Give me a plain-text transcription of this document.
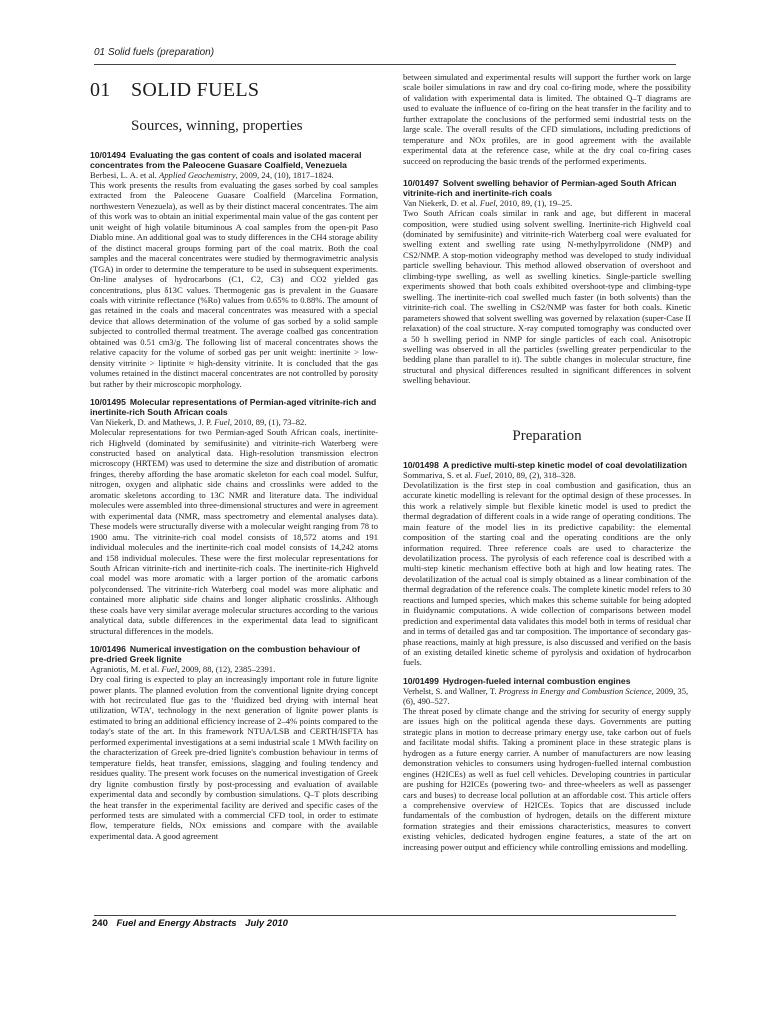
01 Solid fuels (preparation)
01 SOLID FUELS
Sources, winning, properties

10/01494 Evaluating the gas content of coals and isolated maceral concentrates from the Paleocene Guasare Coalfield, Venezuela

Berbesi, L. A. et al. Applied Geochemistry, 2009, 24, (10), 1817–1824.

This work presents the results from evaluating the gases sorbed by coal samples extracted from the Paleocene Guasare Coalfield (Marcelina Formation, northwestern Venezuela), as well as by their distinct maceral concentrates. The aim of this work was to obtain an initial experimental main value of the gas content per unit weight of high volatile bituminous A coal samples from the open-pit Paso Diablo mine. An additional goal was to study differences in the CH4 storage ability of the distinct maceral groups forming part of the coal matrix. Both the coal samples and the maceral concentrates were studied by thermogravimetric analysis (TGA) in order to determine the temperature to be used in subsequent experiments. On-line analyses of hydrocarbons (C1, C2, C3) and CO2 yielded gas concentrations, plus δ13C values. Thermogenic gas is prevalent in the Guasare coals with vitrinite reflectance (%Ro) values from 0.65% to 0.88%. The amount of gas retained in the coals and maceral concentrates was measured with a special device that allows determination of the volume of gas sorbed by a solid sample subjected to controlled thermal treatment. The average coalbed gas concentration obtained was 0.51 cm3/g. The following list of maceral concentrates shows the relative capacity for the volume of sorbed gas per unit weight: inertinite > low-density vitrinite > liptinite ≈ high-density vitrinite. It is concluded that the gas volumes retained in the distinct maceral concentrates are not controlled by porosity but rather by their microscopic morphology.

10/01495 Molecular representations of Permian-aged vitrinite-rich and inertinite-rich South African coals

Van Niekerk, D. and Mathews, J. P. Fuel, 2010, 89, (1), 73–82.

Molecular representations for two Permian-aged South African coals, inertinite-rich Highveld (dominated by semifusinite) and vitrinite-rich Waterberg were constructed based on analytical data. High-resolution transmission electron microscopy (HRTEM) was used to determine the size and distribution of aromatic fringes, thereby affording the base aromatic skeleton for each coal model. Sulfur, nitrogen, oxygen and aliphatic side chains and crosslinks were added to the aromatic skeletons according to 13C NMR and literature data. The individual molecules were assembled into three-dimensional structures and were in agreement with experimental data (NMR, mass spectrometry and elemental analyses data). These models were structurally diverse with a molecular weight ranging from 78 to 1900 amu. The vitrinite-rich coal model consists of 18,572 atoms and 191 individual molecules and the inertinite-rich coal model consists of 14,242 atoms and 158 individual molecules. These were the first molecular representations for South African vitrinite-rich and inertinite-rich coals. The inertinite-rich Highveld coal model was more aromatic with a larger portion of the aromatic carbons polycondensed. The vitrinite-rich Waterberg coal model was more aliphatic and contained more aliphatic side chains and longer aliphatic crosslinks. Although these coals have very similar average molecular structures according to the various analytical data, subtle differences in the experimental data lead to significant structural differences in the models.

10/01496 Numerical investigation on the combustion behaviour of pre-dried Greek lignite

Agraniotis, M. et al. Fuel, 2009, 88, (12), 2385–2391.

Dry coal firing is expected to play an increasingly important role in future lignite power plants. The planned evolution from the conventional lignite drying concept with hot recirculated flue gas to the ‘fluidized bed drying with internal heat utilization, WTA’, technology in the next generation of lignite power plants is estimated to bring an additional efficiency increase of 2–4% points compared to the today's state of the art. In this framework NTUA/LSB and CERTH/ISFTA has performed experimental investigations at a semi industrial scale 1 MWth facility on the characterization of Greek pre-dried lignite's combustion behaviour in terms of temperature fields, heat transfer, emissions, slagging and fouling tendency and residues quality. The present work focuses on the numerical investigation of Greek dry lignite combustion firstly by post-processing and evaluation of available experimental data and secondly by combustion simulations. Q–T plots describing the heat transfer in the experimental facility are derived and specific cases of the performed tests are simulated with a commercial CFD tool, in order to estimate flow, temperature fields, NOx emissions and compare with the available experimental data. A good agreement

between simulated and experimental results will support the further work on large scale boiler simulations in raw and dry coal co-firing mode, where the possibility of validation with experimental data is limited. The obtained Q–T diagrams are used to evaluate the influence of co-firing on the heat transfer in the facility and to further extrapolate the conclusions of the performed semi industrial tests on the large scale. The overall results of the CFD simulations, including predictions of temperature and NOx profiles, are in good agreement with the available experimental data at the reference case, while at the dry coal co-firing cases succeed on reproducing the basic trends of the performed experiments.

10/01497 Solvent swelling behavior of Permian-aged South African vitrinite-rich and inertinite-rich coals

Van Niekerk, D. et al. Fuel, 2010, 89, (1), 19–25.

Two South African coals similar in rank and age, but different in maceral composition, were studied using solvent swelling. Inertinite-rich Highveld coal (dominated by semifusinite) and vitrinite-rich Waterberg coal were evaluated for swelling extent and swelling rate using N-methylpyrrolidone (NMP) and CS2/NMP. A stop-motion videography method was developed to study individual particle swelling behaviour. This method allowed observation of overshoot and climbing-type swelling, as well as swelling kinetics. Single-particle swelling experiments showed that both coals exhibited overshoot-type and climbing-type swelling. The inertinite-rich coal swelled much faster (in both solvents) than the vitrinite-rich coal. The swelling in CS2/NMP was faster for both coals. Kinetic parameters showed that solvent swelling was governed by relaxation (super-Case II relaxation) of the coal structure. X-ray computed tomography was conducted over a 50 h swelling period in NMP for single particles of each coal. Anisotropic swelling was observed in all the particles (swelling greater perpendicular to the bedding plane than parallel to it). The subtle changes in molecular structure, fine structural and physical differences resulted in significant differences in solvent swelling behaviour.

Preparation

10/01498 A predictive multi-step kinetic model of coal devolatilization

Sommariva, S. et al. Fuel, 2010, 89, (2), 318–328.

Devolatilization is the first step in coal combustion and gasification, thus an accurate kinetic modelling is relevant for the optimal design of these processes. In this work a relatively simple but flexible kinetic model is used to predict the thermal degradation of different coals in a wide range of operating conditions. The main feature of the model lies in its predictive capability: the elemental composition of the starting coal and the operating conditions are the only information required. Three reference coals are used to characterize the devolatilization process. The pyrolysis of each reference coal is described with a multi-step kinetic mechanism effective both at high and low heating rates. The devolatilization of the actual coal is simply obtained as a linear combination of the thermal degradation of the reference coals. The complete kinetic model refers to 30 reactions and lumped species, which makes this scheme suitable for being adopted in fluidynamic computations. A wide collection of comparisons between model prediction and experimental data validates this model both in terms of residual char and in terms of detailed gas and tar composition. The importance of secondary gas-phase reactions, mainly at high pressure, is also discussed and verified on the basis of an existing detailed kinetic scheme of pyrolysis and oxidation of hydrocarbon fuels.

10/01499 Hydrogen-fueled internal combustion engines

Verhelst, S. and Wallner, T. Progress in Energy and Combustion Science, 2009, 35, (6), 490–527.

The threat posed by climate change and the striving for security of energy supply are issues high on the political agenda these days. Governments are putting strategic plans in motion to decrease primary energy use, take carbon out of fuels and facilitate modal shifts. Taking a prominent place in these strategic plans is hydrogen as a future energy carrier. A number of manufacturers are now leasing demonstration vehicles to consumers using hydrogen-fuelled internal combustion engines (H2ICEs) as well as fuel cell vehicles. Developing countries in particular are pushing for H2ICEs (powering two- and three-wheelers as well as passenger cars and buses) to decrease local pollution at an affordable cost. This article offers a comprehensive overview of H2ICEs. Topics that are discussed include fundamentals of the combustion of hydrogen, details on the different mixture formation strategies and their emissions characteristics, measures to convert existing vehicles, dedicated hydrogen engine features, a state of the art on increasing power output and efficiency while controlling emissions and modelling.

240 Fuel and Energy Abstracts July 2010
